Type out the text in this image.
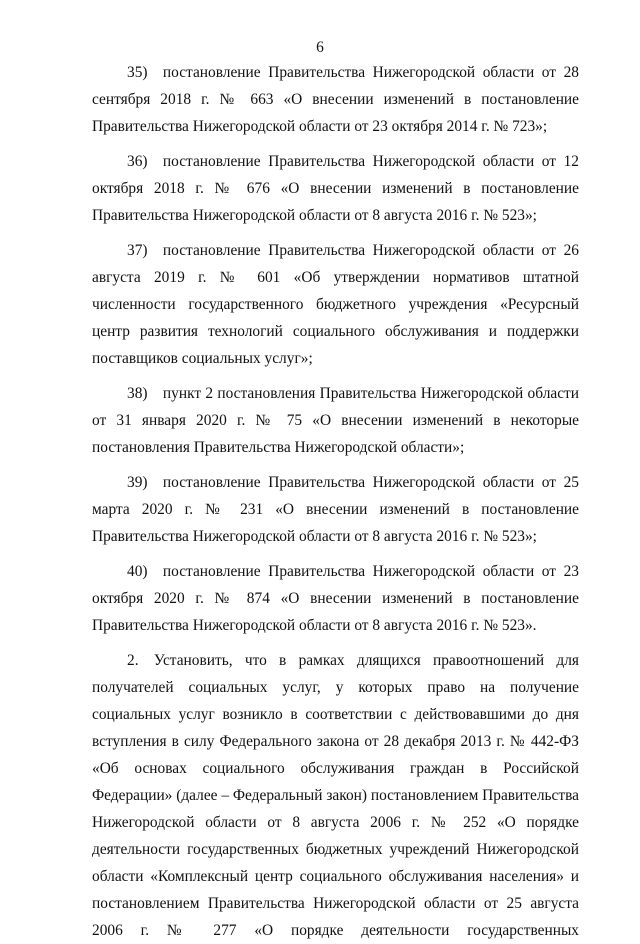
6

35) постановление Правительства Нижегородской области от 28 сентября 2018 г. № 663 «О внесении изменений в постановление Правительства Нижегородской области от 23 октября 2014 г. № 723»;

36) постановление Правительства Нижегородской области от 12 октября 2018 г. № 676 «О внесении изменений в постановление Правительства Нижегородской области от 8 августа 2016 г. № 523»;

37) постановление Правительства Нижегородской области от 26 августа 2019 г. № 601 «Об утверждении нормативов штатной численности государственного бюджетного учреждения «Ресурсный центр развития технологий социального обслуживания и поддержки поставщиков социальных услуг»;

38) пункт 2 постановления Правительства Нижегородской области от 31 января 2020 г. № 75 «О внесении изменений в некоторые постановления Правительства Нижегородской области»;

39) постановление Правительства Нижегородской области от 25 марта 2020 г. № 231 «О внесении изменений в постановление Правительства Нижегородской области от 8 августа 2016 г. № 523»;

40) постановление Правительства Нижегородской области от 23 октября 2020 г. № 874 «О внесении изменений в постановление Правительства Нижегородской области от 8 августа 2016 г. № 523».

2. Установить, что в рамках длящихся правоотношений для получателей социальных услуг, у которых право на получение социальных услуг возникло в соответствии с действовавшими до дня вступления в силу Федерального закона от 28 декабря 2013 г. № 442-ФЗ «Об основах социального обслуживания граждан в Российской Федерации» (далее – Федеральный закон) постановлением Правительства Нижегородской области от 8 августа 2006 г. № 252 «О порядке деятельности государственных бюджетных учреждений Нижегородской области «Комплексный центр социального обслуживания населения» и постановлением Правительства Нижегородской области от 25 августа 2006 г. № 277 «О порядке деятельности государственных
